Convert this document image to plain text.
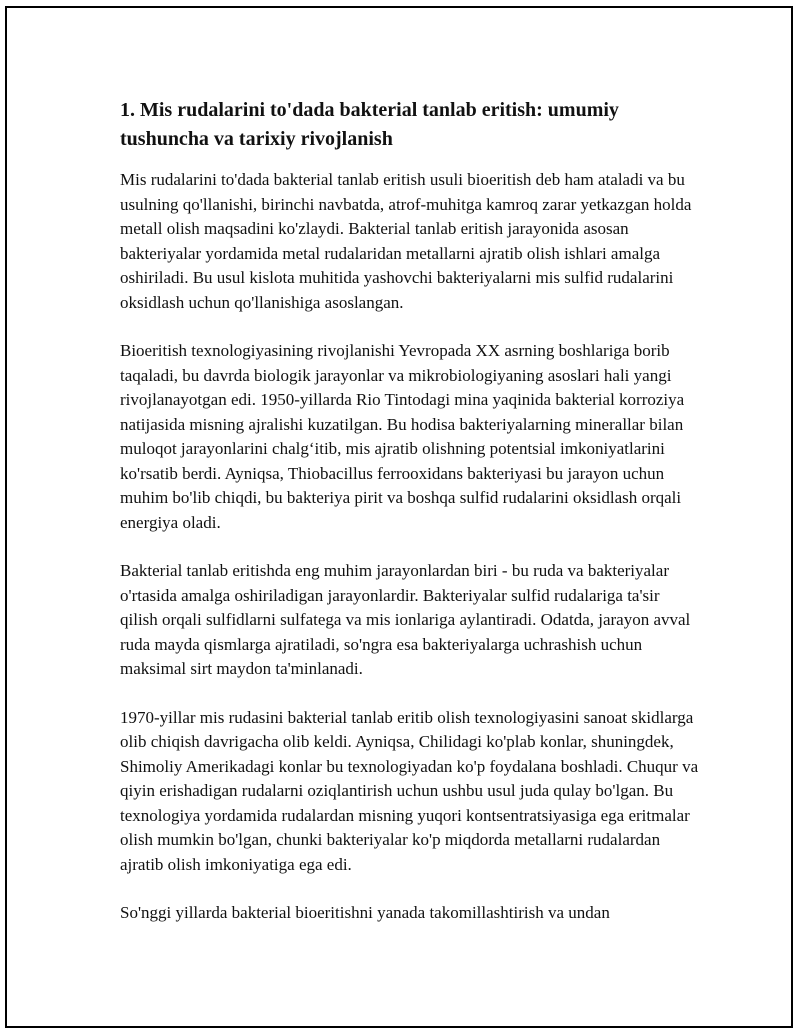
1. Mis rudalarini to'dada bakterial tanlab eritish: umumiy tushuncha va tarixiy rivojlanish

Mis rudalarini to'dada bakterial tanlab eritish usuli bioeritish deb ham ataladi va bu usulning qo'llanishi, birinchi navbatda, atrof-muhitga kamroq zarar yetkazgan holda metall olish maqsadini ko'zlaydi. Bakterial tanlab eritish jarayonida asosan bakteriyalar yordamida metal rudalaridan metallarni ajratib olish ishlari amalga oshiriladi. Bu usul kislota muhitida yashovchi bakteriyalarni mis sulfid rudalarini oksidlash uchun qo'llanishiga asoslangan.

Bioeritish texnologiyasining rivojlanishi Yevropada XX asrning boshlariga borib taqaladi, bu davrda biologik jarayonlar va mikrobiologiyaning asoslari hali yangi rivojlanayotgan edi. 1950-yillarda Rio Tintodagi mina yaqinida bakterial korroziya natijasida misning ajralishi kuzatilgan. Bu hodisa bakteriyalarning minerallar bilan muloqot jarayonlarini chalg‘itib, mis ajratib olishning potentsial imkoniyatlarini ko'rsatib berdi. Ayniqsa, Thiobacillus ferrooxidans bakteriyasi bu jarayon uchun muhim bo'lib chiqdi, bu bakteriya pirit va boshqa sulfid rudalarini oksidlash orqali energiya oladi.

Bakterial tanlab eritishda eng muhim jarayonlardan biri - bu ruda va bakteriyalar o'rtasida amalga oshiriladigan jarayonlardir. Bakteriyalar sulfid rudalariga ta'sir qilish orqali sulfidlarni sulfatega va mis ionlariga aylantiradi. Odatda, jarayon avval ruda mayda qismlarga ajratiladi, so'ngra esa bakteriyalarga uchrashish uchun maksimal sirt maydon ta'minlanadi.

1970-yillar mis rudasini bakterial tanlab eritib olish texnologiyasini sanoat skidlarga olib chiqish davrigacha olib keldi. Ayniqsa, Chilidagi ko'plab konlar, shuningdek, Shimoliy Amerikadagi konlar bu texnologiyadan ko'p foydalana boshladi. Chuqur va qiyin erishadigan rudalarni oziqlantirish uchun ushbu usul juda qulay bo'lgan. Bu texnologiya yordamida rudalardan misning yuqori kontsentratsiyasiga ega eritmalar olish mumkin bo'lgan, chunki bakteriyalar ko'p miqdorda metallarni rudalardan ajratib olish imkoniyatiga ega edi.

So'nggi yillarda bakterial bioeritishni yanada takomillashtirish va undan
